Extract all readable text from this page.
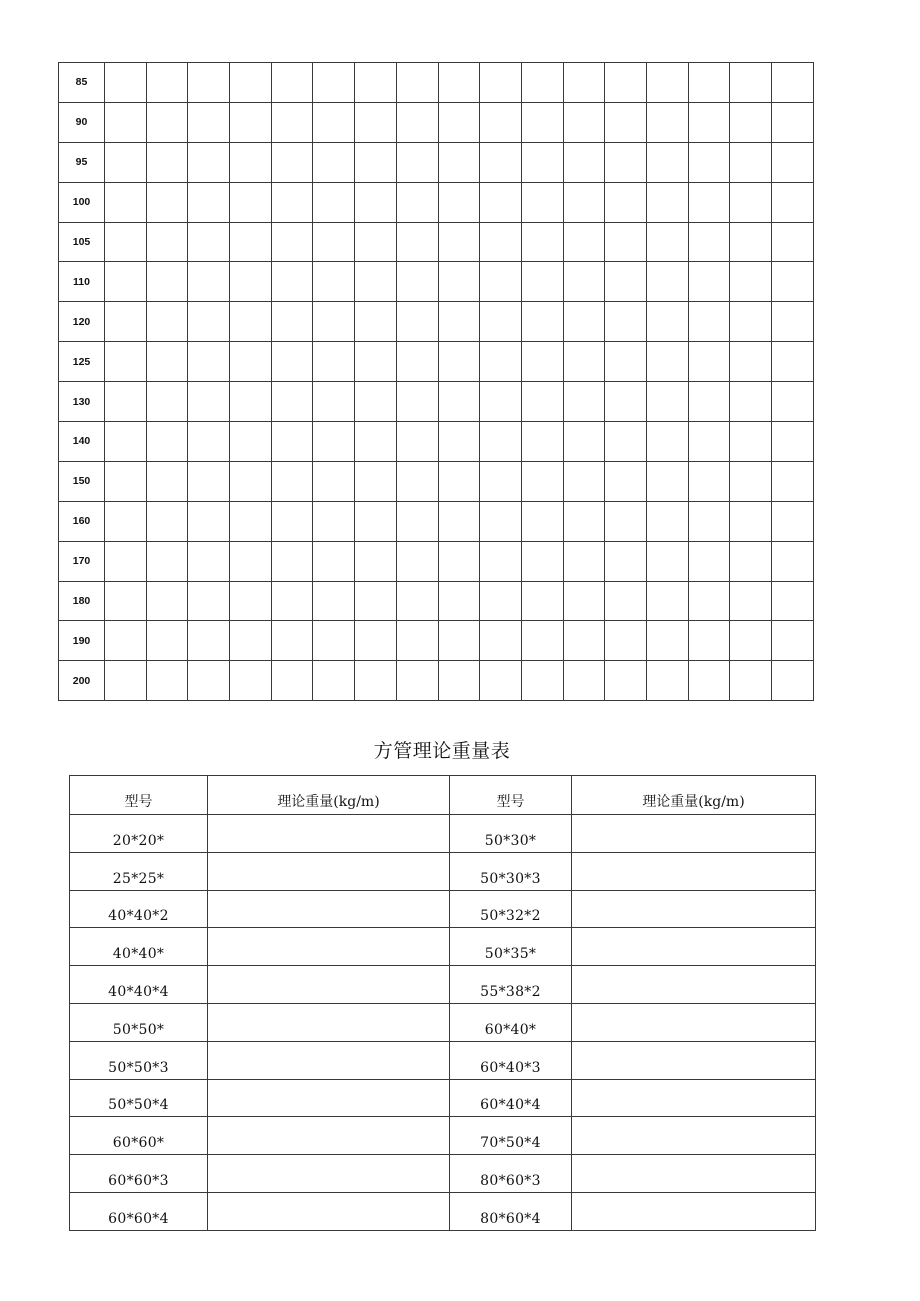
85																	
90																	
95																	
100																	
105																	
110																	
120																	
125																	
130																	
140																	
150																	
160																	
170																	
180																	
190																	
200																	
方管理论重量表
型号	理论重量(kg/m)	型号	理论重量(kg/m)
20*20*		50*30*	
25*25*		50*30*3	
40*40*2		50*32*2	
40*40*		50*35*	
40*40*4		55*38*2	
50*50*		60*40*	
50*50*3		60*40*3	
50*50*4		60*40*4	
60*60*		70*50*4	
60*60*3		80*60*3	
60*60*4		80*60*4	
